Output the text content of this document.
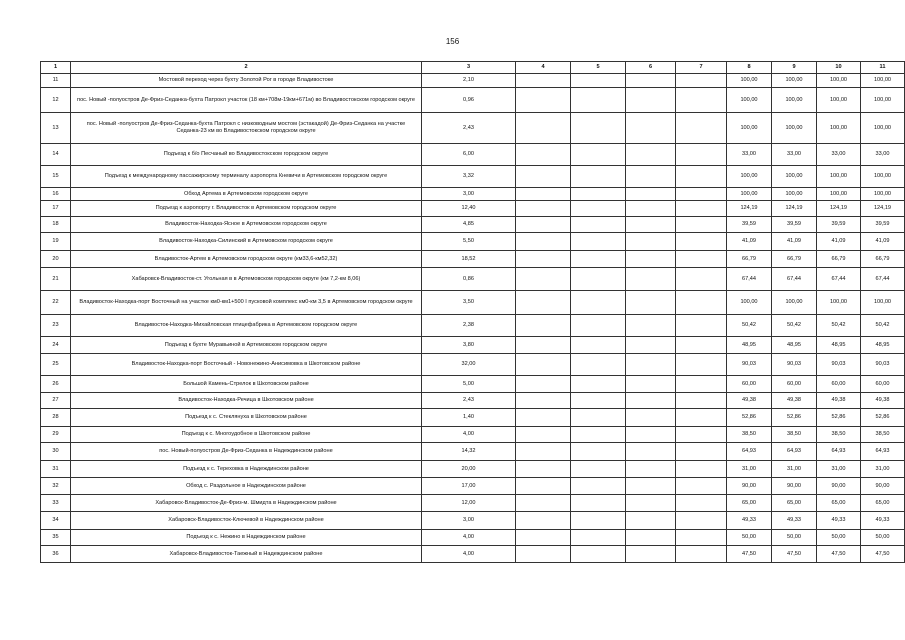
156
1	2	3	4	5	6	7	8	9	10	11
11	Мостовой переход через бухту Золотой Рог в городе Владивостоке	2,10					100,00	100,00	100,00	100,00
12	пос. Новый -полуостров Де-Фриз-Седанка-бухта Патрокл участок (18 км+708м-19км+671м) во Владивостокском городском округе	0,96					100,00	100,00	100,00	100,00
13	пос. Новый -полуостров Де-Фриз-Седанка-бухта Патрокл с низководным мостом (эстакадой) Де-Фриз-Седанка на участке Седанка-23 км во Владивостокском городском округе	2,43					100,00	100,00	100,00	100,00
14	Подъезд к б/о Песчаный во Владивостокском городском округе	6,00					33,00	33,00	33,00	33,00
15	Подъезд к международному пассажирскому терминалу аэропорта Кневичи в Артемовском городском округе	3,32					100,00	100,00	100,00	100,00
16	Обход Артема в Артемовском городском округе	3,00					100,00	100,00	100,00	100,00
17	Подъезд к аэропорту г. Владивосток в Артемовском городском округе	12,40					124,19	124,19	124,19	124,19
18	Владивосток-Находка-Ясное в Артемовском городском округе	4,85					39,59	39,59	39,59	39,59
19	Владивосток-Находка-Силинский в Артемовском городском округе	5,50					41,09	41,09	41,09	41,09
20	Владивосток-Артем в Артемовском городском округе (км33,6-км52,32)	18,52					66,79	66,79	66,79	66,79
21	Хабаровск-Владивосток-ст. Угольная в в Артемовском городском округе (км 7,2-км 8,06)	0,86					67,44	67,44	67,44	67,44
22	Владивосток-Находка-порт Восточный на участке км0-км1+500 I пусковой комплекс км0-км 3,5 в Артемовском городском округе	3,50					100,00	100,00	100,00	100,00
23	Владивосток-Находка-Михайловская птицефабрика в Артемовском городском округе	2,38					50,42	50,42	50,42	50,42
24	Подъезд к бухте Муравьиной в Артемовском городском округе	3,80					48,95	48,95	48,95	48,95
25	Владивосток-Находка-порт Восточный - Новонежино-Анисимовка в Шкотовском районе	32,00					90,03	90,03	90,03	90,03
26	Большой Камень-Стрелок в Шкотовском районе	5,00					60,00	60,00	60,00	60,00
27	Владивосток-Находка-Речица в Шкотовском районе	2,43					49,38	49,38	49,38	49,38
28	Подъезд к с. Стеклянуха в Шкотовском районе	1,40					52,86	52,86	52,86	52,86
29	Подъезд к с. Многоудобное в Шкотовском районе	4,00					38,50	38,50	38,50	38,50
30	пос. Новый-полуостров Де-Фриз-Седанка в Надеждинском районе	14,32					64,93	64,93	64,93	64,93
31	Подъезд к с. Тереховка в Надеждинском районе	20,00					31,00	31,00	31,00	31,00
32	Обход с. Раздольное в Надеждинском районе	17,00					90,00	90,00	90,00	90,00
33	Хабаровск-Владивосток-Де-Фриз-м. Шмидта в Надеждинском районе	12,00					65,00	65,00	65,00	65,00
34	Хабаровск-Владивосток-Ключевой в Надеждинском районе	3,00					49,33	49,33	49,33	49,33
35	Подъезд к с. Нежино в Надеждинском районе	4,00					50,00	50,00	50,00	50,00
36	Хабаровск-Владивосток-Таежный в Надеждинском районе	4,00					47,50	47,50	47,50	47,50
